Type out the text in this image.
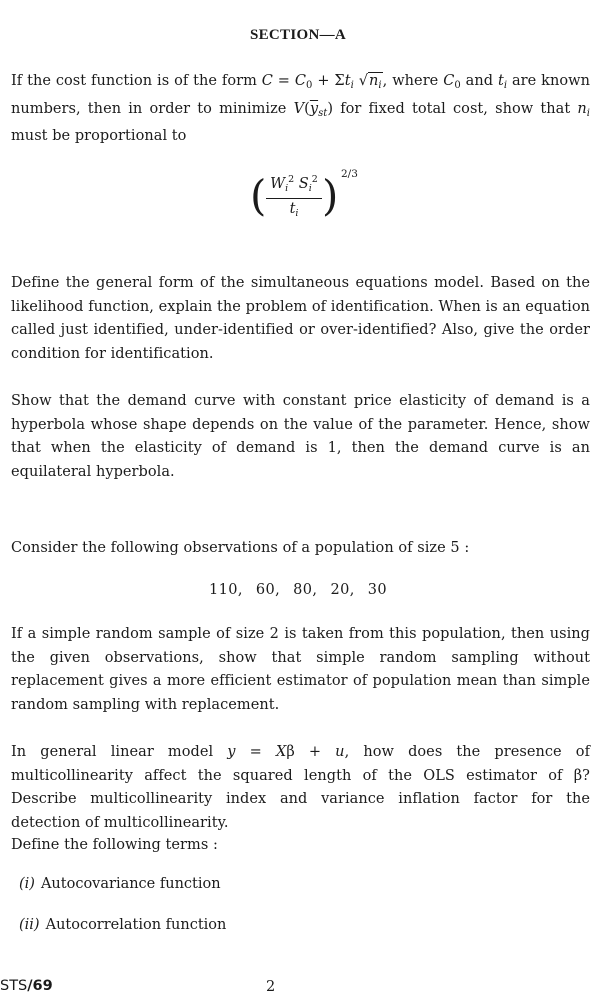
SECTION—A
If the cost function is of the form $C = C_0 + \Sigma t_i$ $√n_i$, where $C_0$ and $t_i$ are known numbers, then in order to minimize $V(\overline{y}_{st})$ for fixed total cost, show that $n_i$ must be proportional to
( $W_i^2$ $S_i^2$
$t_i$ ) 2/3
Define the general form of the simultaneous equations model. Based on the likelihood function, explain the problem of identification. When is an equation called just identified, under-identified or over-identified? Also, give the order condition for identification.
Show that the demand curve with constant price elasticity of demand is a hyperbola whose shape depends on the value of the parameter. Hence, show that when the elasticity of demand is 1, then the demand curve is an equilateral hyperbola.
Consider the following observations of a population of size 5 :
110, 60, 80, 20, 30
If a simple random sample of size 2 is taken from this population, then using the given observations, show that simple random sampling without replacement gives a more efficient estimator of population mean than simple random sampling with replacement.
In general linear model y = Xβ + u, how does the presence of multicollinearity affect the squared length of the OLS estimator of β? Describe multicollinearity index and variance inflation factor for the detection of multicollinearity.
Define the following terms :
(i) Autocovariance function
(ii) Autocorrelation function
STS/69	2
